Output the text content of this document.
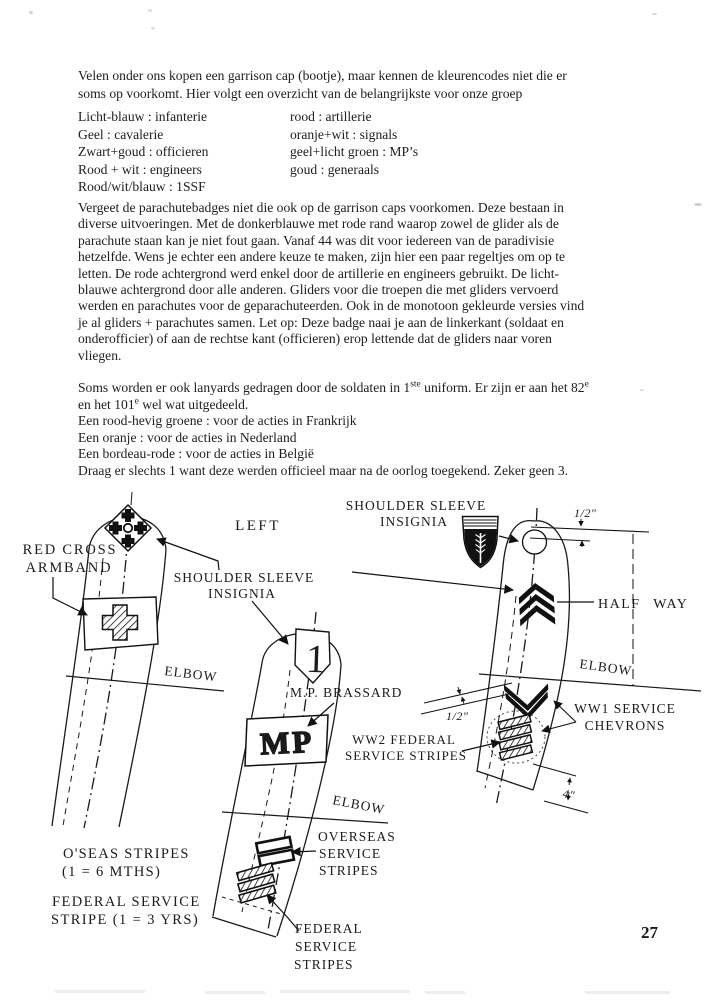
Velen onder ons kopen een garrison cap (bootje), maar kennen de kleurencodes niet die er
soms op voorkomt. Hier volgt een overzicht van de belangrijkste voor onze groep
Licht-blauw : infanterie	rood : artillerie
Geel : cavalerie	oranje+wit : signals
Zwart+goud : officieren	geel+licht groen : MP’s
Rood + wit : engineers	goud : generaals
Rood/wit/blauw : 1SSF
Vergeet de parachutebadges niet die ook op de garrison caps voorkomen. Deze bestaan in
diverse uitvoeringen. Met de donkerblauwe met rode rand waarop zowel de glider als de
parachute staan kan je niet fout gaan. Vanaf 44 was dit voor iedereen van de paradivisie
hetzelfde. Wens je echter een andere keuze te maken, zijn hier een paar regeltjes om op te
letten. De rode achtergrond werd enkel door de artillerie en engineers gebruikt. De licht-
blauwe achtergrond door alle anderen. Gliders voor die troepen die met gliders vervoerd
werden en parachutes voor de geparachuteerden. Ook in de monotoon gekleurde versies vind
je al gliders + parachutes samen. Let op: Deze badge naai je aan de linkerkant (soldaat en
onderofficier) of aan de rechtse kant (officieren) erop lettende dat de gliders naar voren
vliegen.
Soms worden er ook lanyards gedragen door de soldaten in 1ste uniform. Er zijn er aan het 82e
en het 101e wel wat uitgedeeld.
Een rood-hevig groene : voor de acties in Frankrijk
Een oranje : voor de acties in Nederland
Een bordeau-rode : voor de acties in België
Draag er slechts 1 want deze werden officieel maar na de oorlog toegekend. Zeker geen 3.
ELBOW
RED CROSS
ARMBAND
LEFT
SHOULDER SLEEVE
INSIGNIA
ELBOW
1
MP
M.P. BRASSARD
WW2 FEDERAL
SERVICE STRIPES
OVERSEAS
SERVICE
STRIPES
FEDERAL
SERVICE
STRIPES
SHOULDER SLEEVE
INSIGNIA
HALF WAY
1/2"
ELBOW
1/2"	WW1 SERVICE
CHEVRONS
4"
O'SEAS STRIPES
(1 = 6 MTHS)
FEDERAL SERVICE
STRIPE (1 = 3 YRS)
27
